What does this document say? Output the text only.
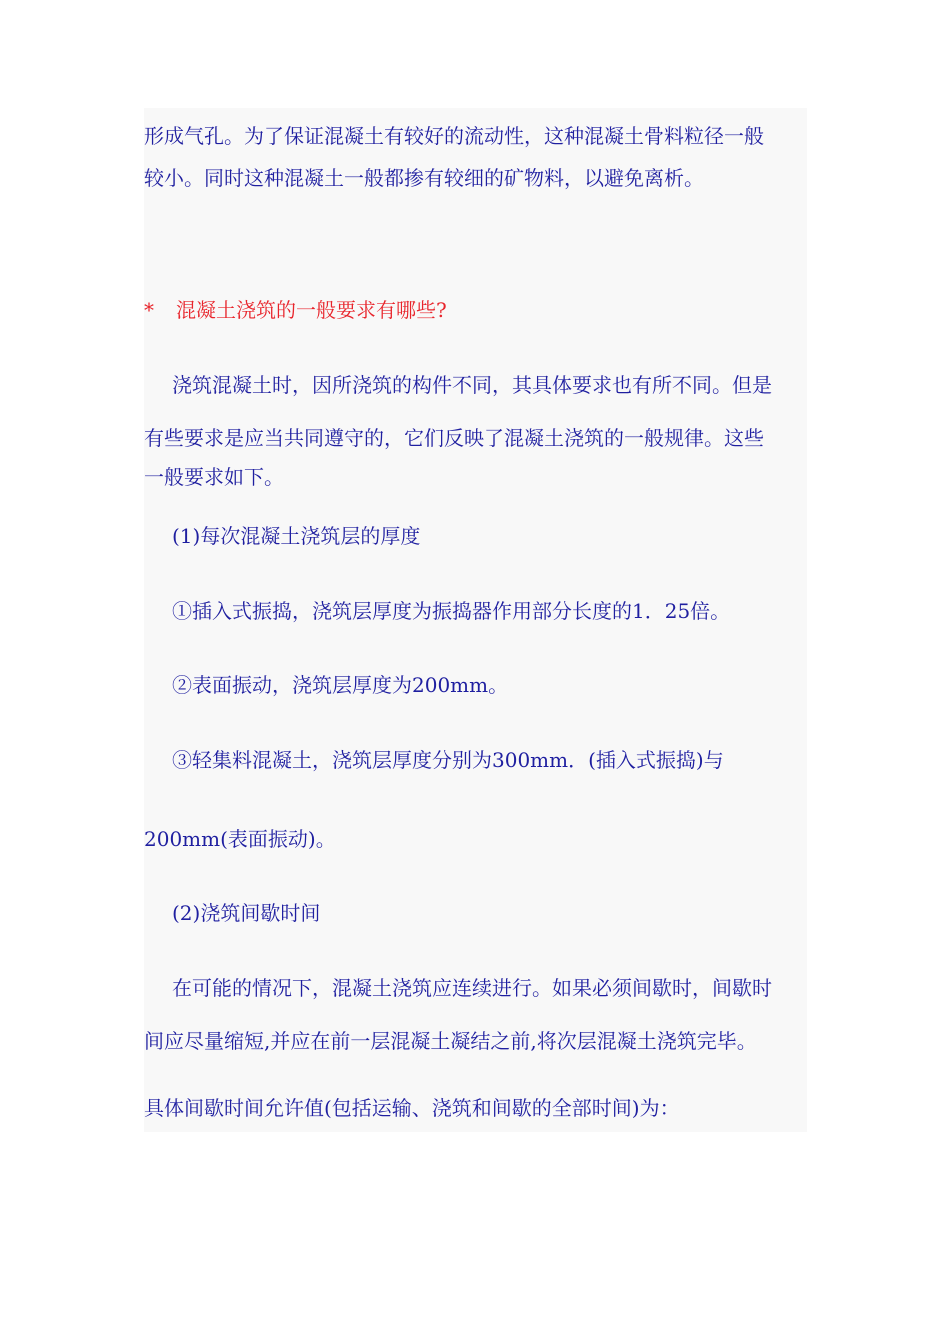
形成气孔。为了保证混凝土有较好的流动性，这种混凝土骨料粒径一般

较小。同时这种混凝土一般都掺有较细的矿物料，以避免离析。

* 混凝土浇筑的一般要求有哪些?

浇筑混凝土时，因所浇筑的构件不同，其具体要求也有所不同。但是

有些要求是应当共同遵守的，它们反映了混凝土浇筑的一般规律。这些

一般要求如下。

(1)每次混凝土浇筑层的厚度

①插入式振捣，浇筑层厚度为振捣器作用部分长度的1．25倍。

②表面振动，浇筑层厚度为200mm。

③轻集料混凝土，浇筑层厚度分别为300mm．(插入式振捣)与

200mm(表面振动)。

(2)浇筑间歇时间

在可能的情况下，混凝土浇筑应连续进行。如果必须间歇时，间歇时

间应尽量缩短,并应在前一层混凝土凝结之前,将次层混凝土浇筑完毕。

具体间歇时间允许值(包括运输、浇筑和间歇的全部时间)为：
